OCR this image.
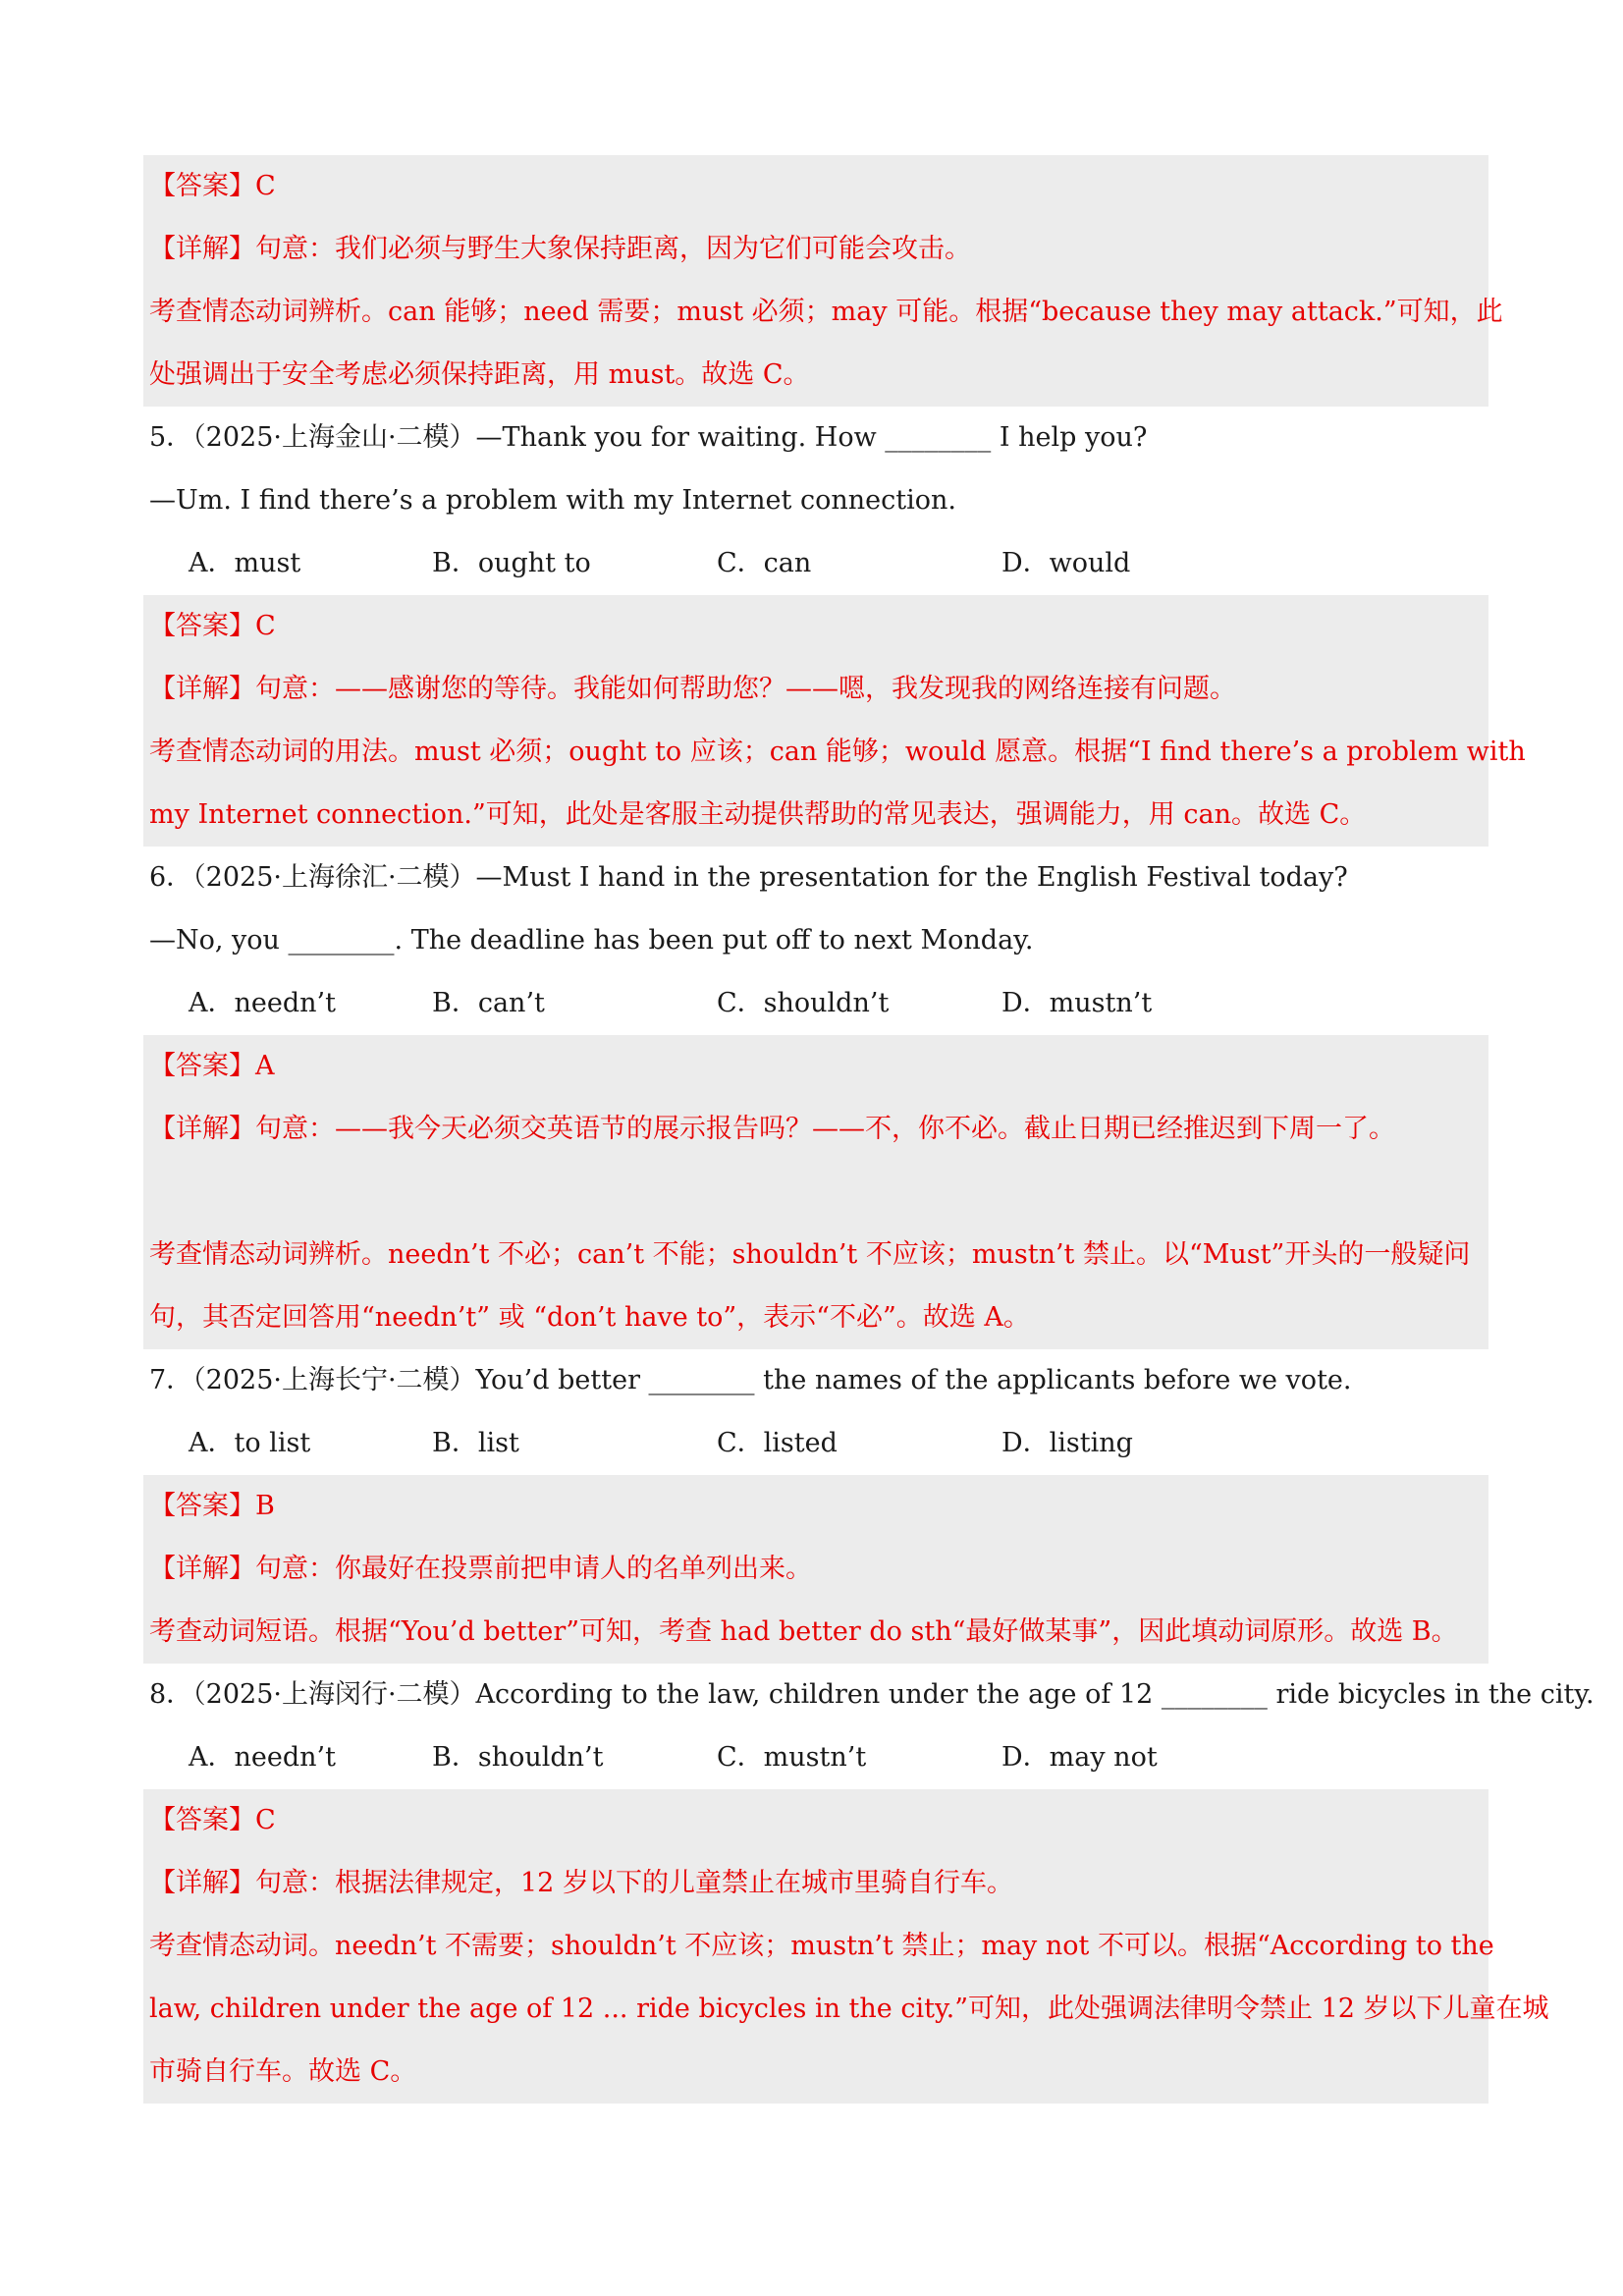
【答案】C
【详解】句意：我们必须与野生大象保持距离，因为它们可能会攻击。
考查情态动词辨析。can 能够；need 需要；must 必须；may 可能。根据“because they may attack.”可知，此
处强调出于安全考虑必须保持距离，用 must。故选 C。
5．（2025·上海金山·二模）—Thank you for waiting. How ________ I help you?
—Um. I find there’s a problem with my Internet connection.
A．must	B．ought to	C．can	D．would
【答案】C
【详解】句意：——感谢您的等待。我能如何帮助您？——嗯，我发现我的网络连接有问题。
考查情态动词的用法。must 必须；ought to 应该；can 能够；would 愿意。根据“I find there’s a problem with
my Internet connection.”可知，此处是客服主动提供帮助的常见表达，强调能力，用 can。故选 C。
6．（2025·上海徐汇·二模）—Must I hand in the presentation for the English Festival today?
—No, you ________. The deadline has been put off to next Monday.
A．needn’t	B．can’t	C．shouldn’t	D．mustn’t
【答案】A
【详解】句意：——我今天必须交英语节的展示报告吗？——不，你不必。截止日期已经推迟到下周一了。
考查情态动词辨析。needn’t 不必；can’t 不能；shouldn’t 不应该；mustn’t 禁止。以“Must”开头的一般疑问
句，其否定回答用“needn’t” 或 “don’t have to”，表示“不必”。故选 A。
7．（2025·上海长宁·二模）You’d better ________ the names of the applicants before we vote.
A．to list	B．list	C．listed	D．listing
【答案】B
【详解】句意：你最好在投票前把申请人的名单列出来。
考查动词短语。根据“You’d better”可知，考查 had better do sth“最好做某事”，因此填动词原形。故选 B。
8．（2025·上海闵行·二模）According to the law, children under the age of 12 ________ ride bicycles in the city.
A．needn’t	B．shouldn’t	C．mustn’t	D．may not
【答案】C
【详解】句意：根据法律规定，12 岁以下的儿童禁止在城市里骑自行车。
考查情态动词。needn’t 不需要；shouldn’t 不应该；mustn’t 禁止；may not 不可以。根据“According to the
law, children under the age of 12 ... ride bicycles in the city.”可知，此处强调法律明令禁止 12 岁以下儿童在城
市骑自行车。故选 C。
